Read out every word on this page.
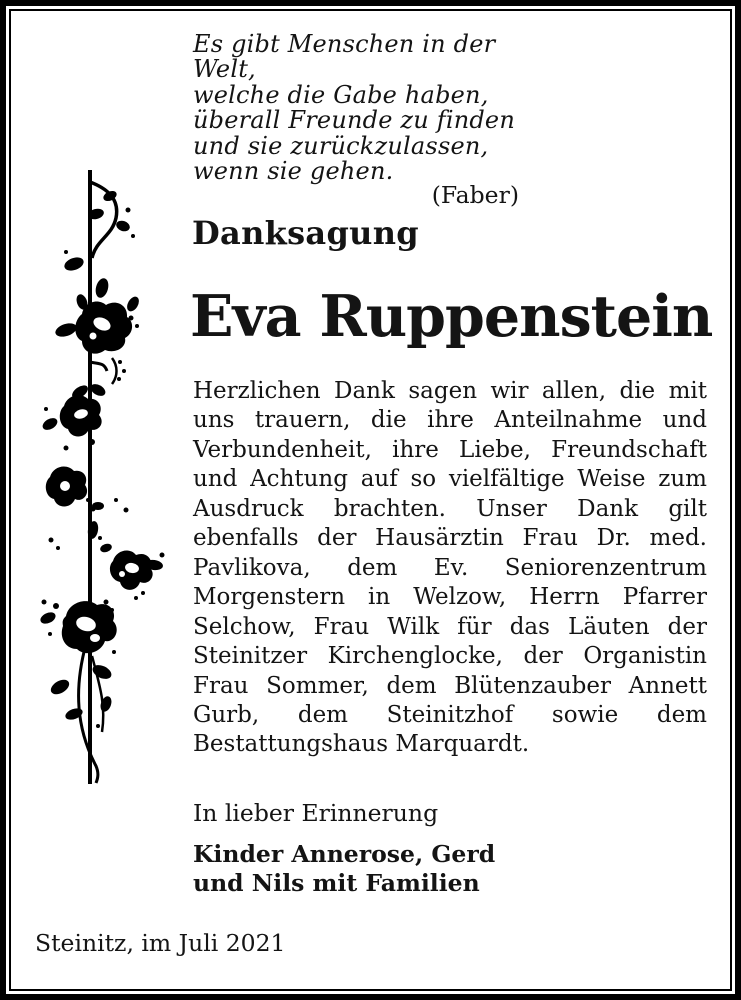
Es gibt Menschen in der Welt,
welche die Gabe haben,
überall Freunde zu finden
und sie zurückzulassen,
wenn sie gehen.
(Faber)
Danksagung
Eva Ruppenstein
Herzlichen Dank sagen wir allen, die mit
uns trauern, die ihre Anteilnahme und
Verbundenheit, ihre Liebe, Freundschaft
und Achtung auf so vielfältige Weise zum
Ausdruck brachten. Unser Dank gilt
ebenfalls der Hausärztin Frau Dr. med.
Pavlikova, dem Ev. Seniorenzentrum
Morgenstern in Welzow, Herrn Pfarrer
Selchow, Frau Wilk für das Läuten der
Steinitzer Kirchenglocke, der Organistin
Frau Sommer, dem Blütenzauber Annett
Gurb, dem Steinitzhof sowie dem
Bestattungshaus Marquardt.
In lieber Erinnerung
Kinder Annerose, Gerd
und Nils mit Familien
Steinitz, im Juli 2021
